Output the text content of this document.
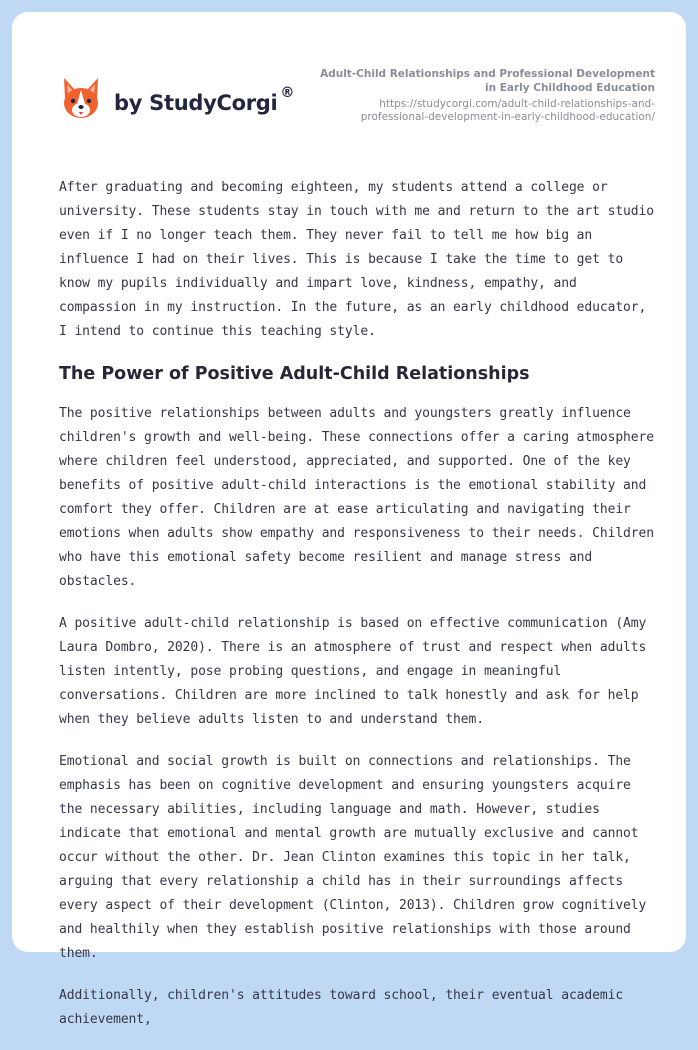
by StudyCorgi ®
Adult-Child Relationships and Professional Development
in Early Childhood Education
https://studycorgi.com/adult-child-relationships-and-
professional-development-in-early-childhood-education/

After graduating and becoming eighteen, my students attend a college or university. These students stay in touch with me and return to the art studio even if I no longer teach them. They never fail to tell me how big an influence I had on their lives. This is because I take the time to get to know my pupils individually and impart love, kindness, empathy, and compassion in my instruction. In the future, as an early childhood educator, I intend to continue this teaching style.

The Power of Positive Adult-Child Relationships

The positive relationships between adults and youngsters greatly influence children's growth and well-being. These connections offer a caring atmosphere where children feel understood, appreciated, and supported. One of the key benefits of positive adult-child interactions is the emotional stability and comfort they offer. Children are at ease articulating and navigating their emotions when adults show empathy and responsiveness to their needs. Children who have this emotional safety become resilient and manage stress and obstacles.

A positive adult-child relationship is based on effective communication (Amy Laura Dombro, 2020). There is an atmosphere of trust and respect when adults listen intently, pose probing questions, and engage in meaningful conversations. Children are more inclined to talk honestly and ask for help when they believe adults listen to and understand them.

Emotional and social growth is built on connections and relationships. The emphasis has been on cognitive development and ensuring youngsters acquire the necessary abilities, including language and math. However, studies indicate that emotional and mental growth are mutually exclusive and cannot occur without the other. Dr. Jean Clinton examines this topic in her talk, arguing that every relationship a child has in their surroundings affects every aspect of their development (Clinton, 2013). Children grow cognitively and healthily when they establish positive relationships with those around them.

Additionally, children's attitudes toward school, their eventual academic achievement,
